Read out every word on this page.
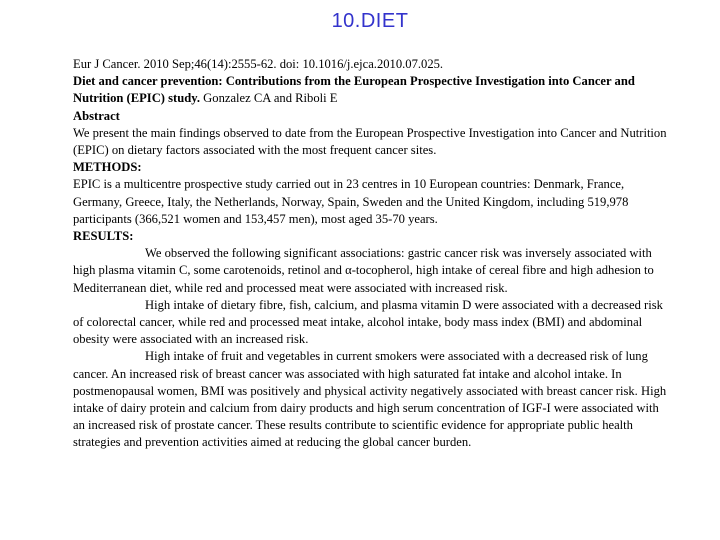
10.DIET

Eur J Cancer. 2010 Sep;46(14):2555-62. doi: 10.1016/j.ejca.2010.07.025.

Diet and cancer prevention: Contributions from the European Prospective Investigation into Cancer and Nutrition (EPIC) study. Gonzalez CA and Riboli E

Abstract

We present the main findings observed to date from the European Prospective Investigation into Cancer and Nutrition (EPIC) on dietary factors associated with the most frequent cancer sites.

METHODS:

EPIC is a multicentre prospective study carried out in 23 centres in 10 European countries: Denmark, France, Germany, Greece, Italy, the Netherlands, Norway, Spain, Sweden and the United Kingdom, including 519,978 participants (366,521 women and 153,457 men), most aged 35-70 years.

RESULTS:

We observed the following significant associations: gastric cancer risk was inversely associated with high plasma vitamin C, some carotenoids, retinol and α-tocopherol, high intake of cereal fibre and high adhesion to Mediterranean diet, while red and processed meat were associated with increased risk.

High intake of dietary fibre, fish, calcium, and plasma vitamin D were associated with a decreased risk of colorectal cancer, while red and processed meat intake, alcohol intake, body mass index (BMI) and abdominal obesity were associated with an increased risk.

High intake of fruit and vegetables in current smokers were associated with a decreased risk of lung cancer. An increased risk of breast cancer was associated with high saturated fat intake and alcohol intake. In postmenopausal women, BMI was positively and physical activity negatively associated with breast cancer risk. High intake of dairy protein and calcium from dairy products and high serum concentration of IGF-I were associated with an increased risk of prostate cancer. These results contribute to scientific evidence for appropriate public health strategies and prevention activities aimed at reducing the global cancer burden.
